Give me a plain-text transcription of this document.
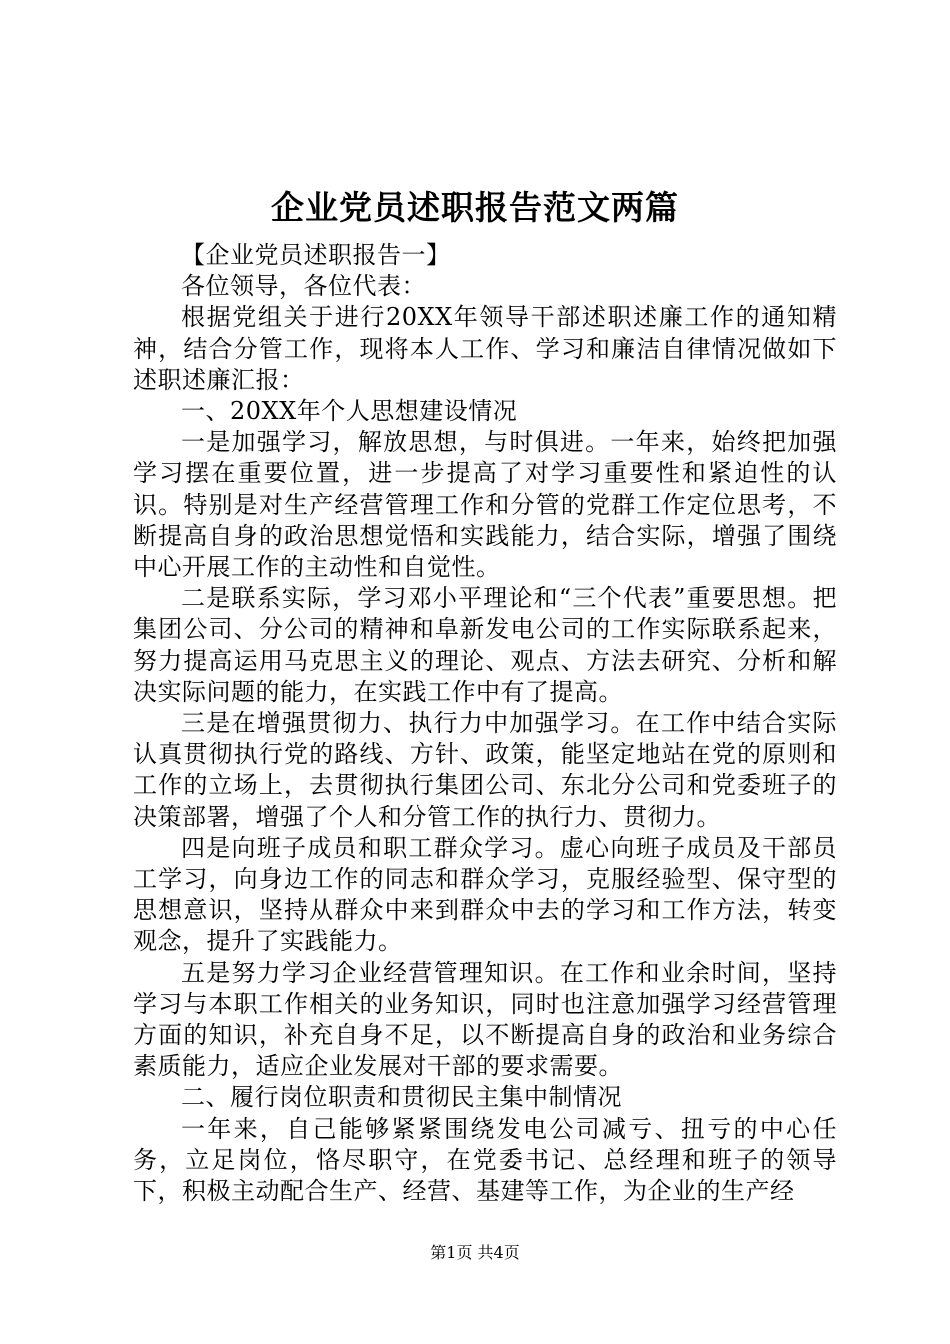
企业党员述职报告范文两篇

【企业党员述职报告一】

各位领导，各位代表：

根据党组关于进行20XX年领导干部述职述廉工作的通知精神，结合分管工作，现将本人工作、学习和廉洁自律情况做如下述职述廉汇报：

一、20XX年个人思想建设情况

一是加强学习，解放思想，与时俱进。一年来，始终把加强学习摆在重要位置，进一步提高了对学习重要性和紧迫性的认识。特别是对生产经营管理工作和分管的党群工作定位思考，不断提高自身的政治思想觉悟和实践能力，结合实际，增强了围绕中心开展工作的主动性和自觉性。

二是联系实际，学习邓小平理论和“三个代表”重要思想。把集团公司、分公司的精神和阜新发电公司的工作实际联系起来，努力提高运用马克思主义的理论、观点、方法去研究、分析和解决实际问题的能力，在实践工作中有了提高。

三是在增强贯彻力、执行力中加强学习。在工作中结合实际认真贯彻执行党的路线、方针、政策，能坚定地站在党的原则和工作的立场上，去贯彻执行集团公司、东北分公司和党委班子的决策部署，增强了个人和分管工作的执行力、贯彻力。

四是向班子成员和职工群众学习。虚心向班子成员及干部员工学习，向身边工作的同志和群众学习，克服经验型、保守型的思想意识，坚持从群众中来到群众中去的学习和工作方法，转变观念，提升了实践能力。

五是努力学习企业经营管理知识。在工作和业余时间，坚持学习与本职工作相关的业务知识，同时也注意加强学习经营管理方面的知识，补充自身不足，以不断提高自身的政治和业务综合素质能力，适应企业发展对干部的要求需要。

二、履行岗位职责和贯彻民主集中制情况

一年来，自己能够紧紧围绕发电公司减亏、扭亏的中心任务，立足岗位，恪尽职守，在党委书记、总经理和班子的领导下，积极主动配合生产、经营、基建等工作，为企业的生产经

第1页 共4页
